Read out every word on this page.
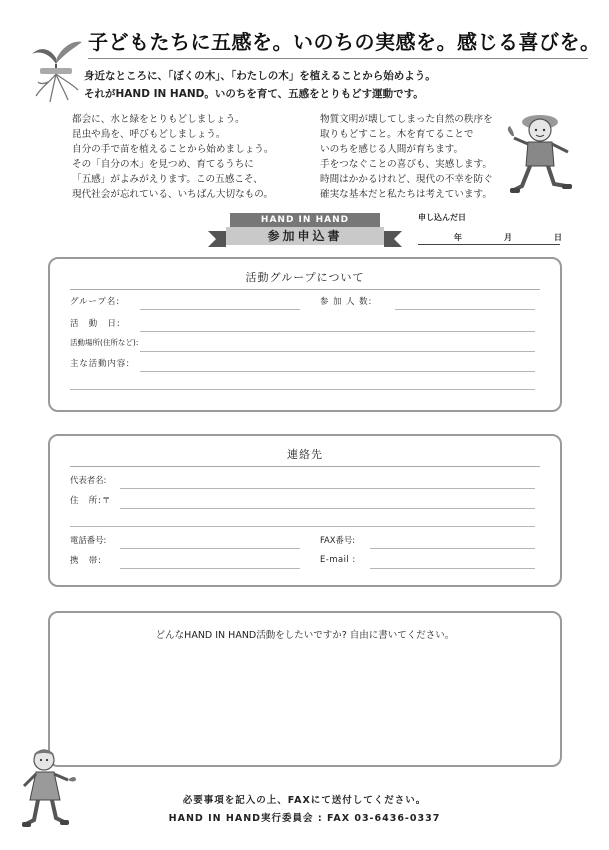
子どもたちに五感を。いのちの実感を。感じる喜びを。
身近なところに、「ぼくの木」、「わたしの木」を植えることから始めよう。
それがHAND IN HAND。いのちを育て、五感をとりもどす運動です。
都会に、水と緑をとりもどしましょう。
昆虫や鳥を、呼びもどしましょう。
自分の手で苗を植えることから始めましょう。
その「自分の木」を見つめ、育てるうちに
「五感」がよみがえります。この五感こそ、
現代社会が忘れている、いちばん大切なもの。
物質文明が壊してしまった自然の秩序を
取りもどすこと。木を育てることで
いのちを感じる人間が育ちます。
手をつなぐことの喜びも、実感します。
時間はかかるけれど、現代の不幸を防ぐ
確実な基本だと私たちは考えています。
HAND IN HAND
参加申込書
申し込んだ日
年	月	日
活動グループについて
グループ名:	参 加 人 数:
活　動　日:
活動場所(住所など):
主な活動内容:
連絡先
代表者名:
住　所:〒
電話番号:	FAX番号:
携　帯:	E-mail :
どんなHAND IN HAND活動をしたいですか? 自由に書いてください。
必要事項を記入の上、FAXにて送付してください。
HAND IN HAND実行委員会 : FAX 03-6436-0337
